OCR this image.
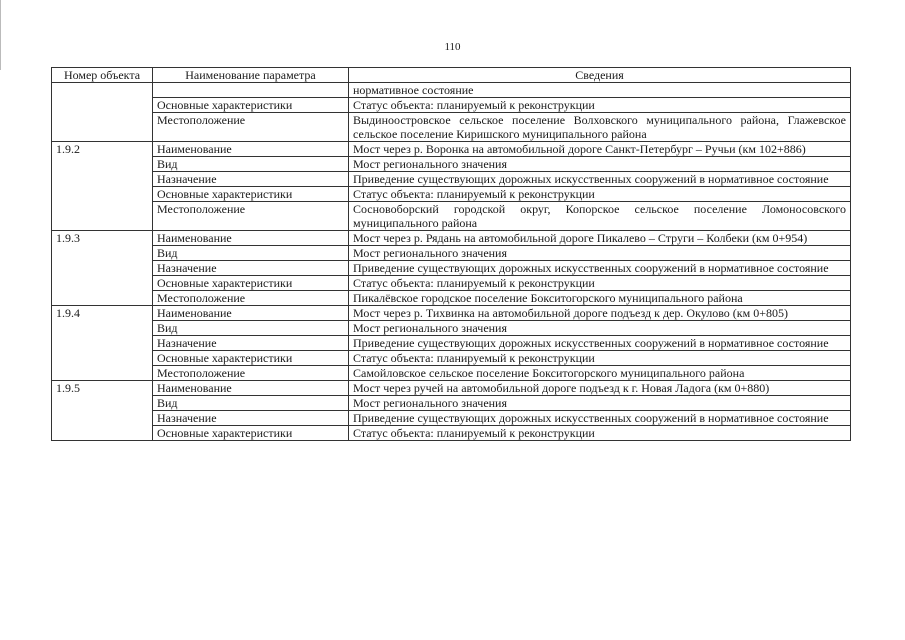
110
Номер объекта	Наименование параметра	Сведения
		нормативное состояние
	Основные характеристики	Статус объекта: планируемый к реконструкции
	Местоположение	Выдиноостровское сельское поселение Волховского муниципального района, Глажевское сельское поселение Киришского муниципального района
1.9.2	Наименование	Мост через р. Воронка на автомобильной дороге Санкт-Петербург – Ручьи (км 102+886)
	Вид	Мост регионального значения
	Назначение	Приведение существующих дорожных искусственных сооружений в нормативное состояние
	Основные характеристики	Статус объекта: планируемый к реконструкции
	Местоположение	Сосновоборский городской округ, Копорское сельское поселение Ломоносовского муниципального района
1.9.3	Наименование	Мост через р. Рядань на автомобильной дороге Пикалево – Струги – Колбеки (км 0+954)
	Вид	Мост регионального значения
	Назначение	Приведение существующих дорожных искусственных сооружений в нормативное состояние
	Основные характеристики	Статус объекта: планируемый к реконструкции
	Местоположение	Пикалёвское городское поселение Бокситогорского муниципального района
1.9.4	Наименование	Мост через р. Тихвинка на автомобильной дороге подъезд к дер. Окулово (км 0+805)
	Вид	Мост регионального значения
	Назначение	Приведение существующих дорожных искусственных сооружений в нормативное состояние
	Основные характеристики	Статус объекта: планируемый к реконструкции
	Местоположение	Самойловское сельское поселение Бокситогорского муниципального района
1.9.5	Наименование	Мост через ручей на автомобильной дороге подъезд к г. Новая Ладога (км 0+880)
	Вид	Мост регионального значения
	Назначение	Приведение существующих дорожных искусственных сооружений в нормативное состояние
	Основные характеристики	Статус объекта: планируемый к реконструкции
